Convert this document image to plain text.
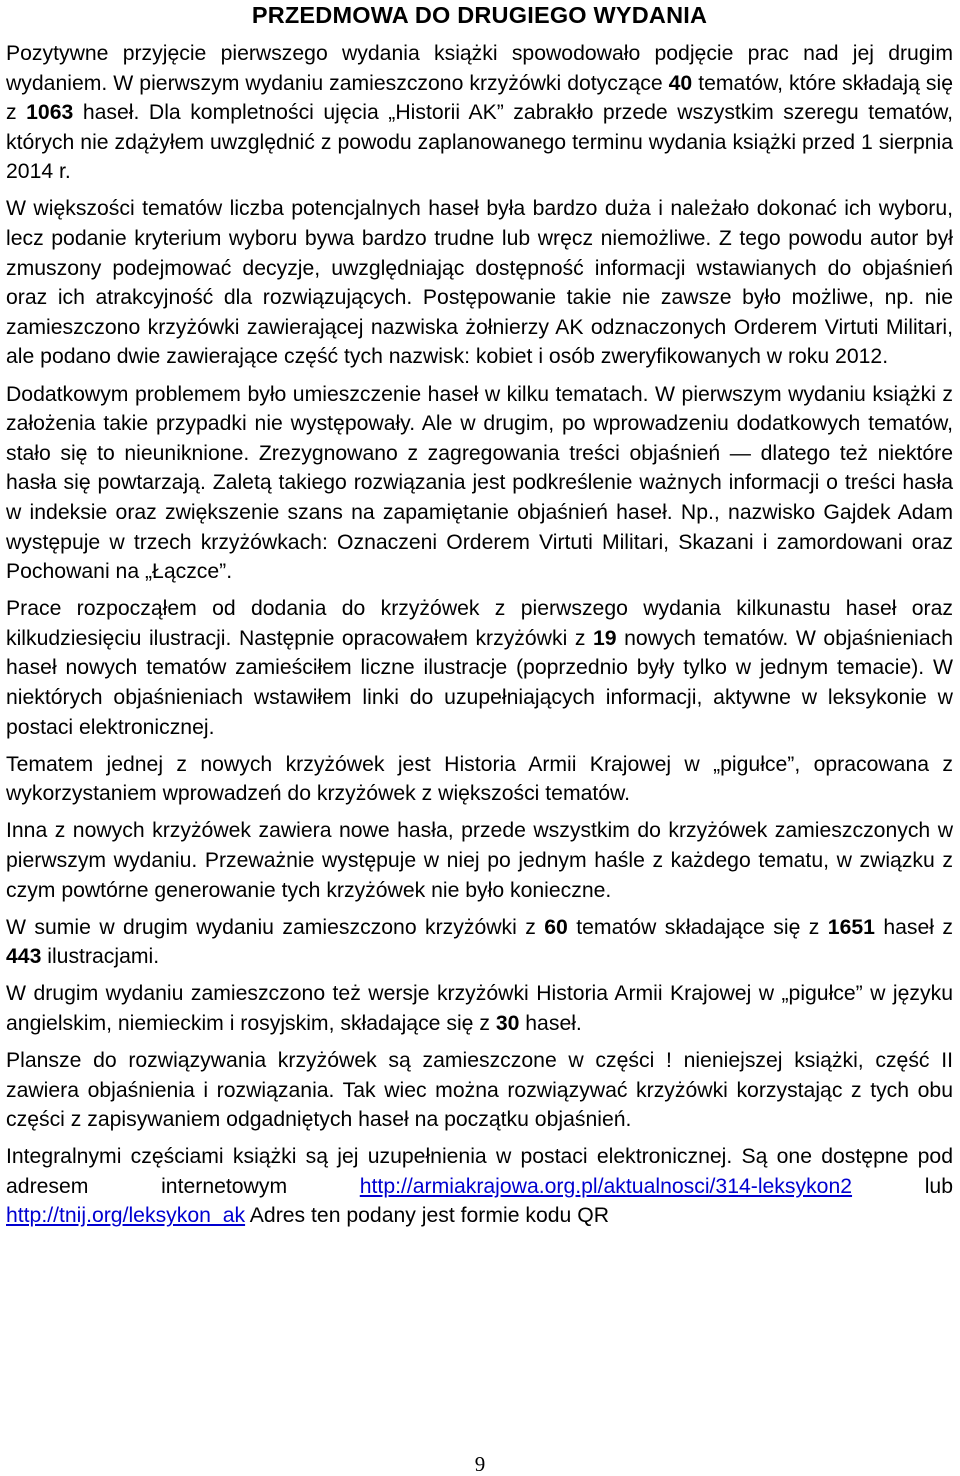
PRZEDMOWA DO DRUGIEGO WYDANIA

Pozytywne przyjęcie pierwszego wydania książki spowodowało podjęcie prac nad jej drugim wydaniem. W pierwszym wydaniu zamieszczono krzyżówki dotyczące 40 tematów, które składają się z 1063 haseł. Dla kompletności ujęcia „Historii AK” zabrakło przede wszystkim szeregu tematów, których nie zdążyłem uwzględnić z powodu zaplanowanego terminu wydania książki przed 1 sierpnia 2014 r.

W większości tematów liczba potencjalnych haseł była bardzo duża i należało dokonać ich wyboru, lecz podanie kryterium wyboru bywa bardzo trudne lub wręcz niemożliwe. Z tego powodu autor był zmuszony podejmować decyzje, uwzględniając dostępność informacji wstawianych do objaśnień oraz ich atrakcyjność dla rozwiązujących. Postępowanie takie nie zawsze było możliwe, np. nie zamieszczono krzyżówki zawierającej nazwiska żołnierzy AK odznaczonych Orderem Virtuti Militari, ale podano dwie zawierające część tych nazwisk: kobiet i osób zweryfikowanych w roku 2012.

Dodatkowym problemem było umieszczenie haseł w kilku tematach. W pierwszym wydaniu książki z założenia takie przypadki nie występowały. Ale w drugim, po wprowadzeniu dodatkowych tematów, stało się to nieuniknione. Zrezygnowano z zagregowania treści objaśnień — dlatego też niektóre hasła się powtarzają. Zaletą takiego rozwiązania jest podkreślenie ważnych informacji o treści hasła w indeksie oraz zwiększenie szans na zapamiętanie objaśnień haseł. Np., nazwisko Gajdek Adam występuje w trzech krzyżówkach: Oznaczeni Orderem Virtuti Militari, Skazani i zamordowani oraz Pochowani na „Łączce”.

Prace rozpocząłem od dodania do krzyżówek z pierwszego wydania kilkunastu haseł oraz kilkudziesięciu ilustracji. Następnie opracowałem krzyżówki z 19 nowych tematów. W objaśnieniach haseł nowych tematów zamieściłem liczne ilustracje (poprzednio były tylko w jednym temacie). W niektórych objaśnieniach wstawiłem linki do uzupełniających informacji, aktywne w leksykonie w postaci elektronicznej.

Tematem jednej z nowych krzyżówek jest Historia Armii Krajowej w „pigułce”, opracowana z wykorzystaniem wprowadzeń do krzyżówek z większości tematów.

Inna z nowych krzyżówek zawiera nowe hasła, przede wszystkim do krzyżówek zamieszczonych w pierwszym wydaniu. Przeważnie występuje w niej po jednym haśle z każdego tematu, w związku z czym powtórne generowanie tych krzyżówek nie było konieczne.

W sumie w drugim wydaniu zamieszczono krzyżówki z 60 tematów składające się z 1651 haseł z 443 ilustracjami.

W drugim wydaniu zamieszczono też wersje krzyżówki Historia Armii Krajowej w „pigułce” w języku angielskim, niemieckim i rosyjskim, składające się z 30 haseł.

Plansze do rozwiązywania krzyżówek są zamieszczone w części ! nieniejszej książki, część II zawiera objaśnienia i rozwiązania. Tak wiec można rozwiązywać krzyżówki korzystając z tych obu części z zapisywaniem odgadniętych haseł na początku objaśnień.

Integralnymi częściami książki są jej uzupełnienia w postaci elektronicznej. Są one dostępne pod adresem internetowym http://armiakrajowa.org.pl/aktualnosci/314-leksykon2 lub http://tnij.org/leksykon_ak Adres ten podany jest formie kodu QR

9
